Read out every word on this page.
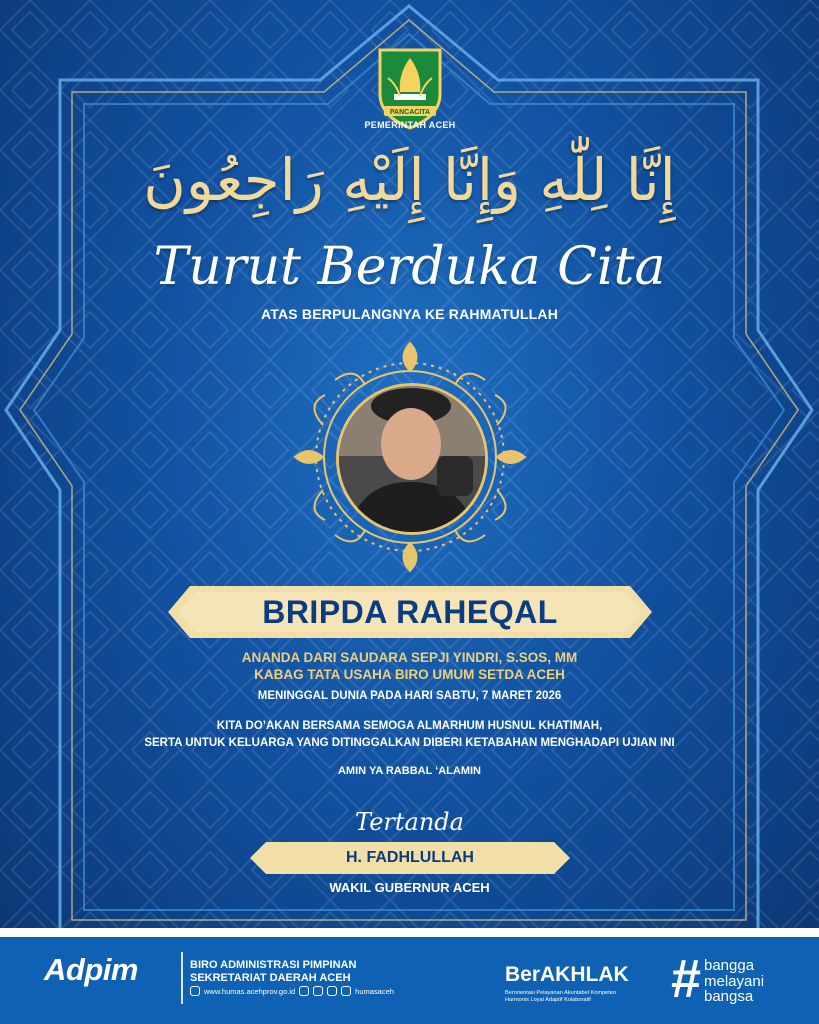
PANCACITA
PEMERINTAH ACEH
إِنَّا لِلّٰهِ وَإِنَّا إِلَيْهِ رَاجِعُونَ
Turut Berduka Cita
ATAS BERPULANGNYA KE RAHMATULLAH
BRIPDA RAHEQAL
ANANDA DARI SAUDARA SEPJI YINDRI, S.SOS, MM
KABAG TATA USAHA BIRO UMUM SETDA ACEH
MENINGGAL DUNIA PADA HARI SABTU, 7 MARET 2026
KITA DO’AKAN BERSAMA SEMOGA ALMARHUM HUSNUL KHATIMAH,
SERTA UNTUK KELUARGA YANG DITINGGALKAN DIBERI KETABAHAN MENGHADAPI UJIAN INI
AMIN YA RABBAL ‘ALAMIN
Tertanda
H. FADHLULLAH
WAKIL GUBERNUR ACEH
Adpim	BIRO ADMINISTRASI PIMPINAN
SEKRETARIAT DAERAH ACEH
www.humas.acehprov.go.id	humasaceh
BerAKHLAK
Berorientasi Pelayanan Akuntabel Kompeten
Harmonis Loyal Adaptif Kolaboratif	# bangga
melayani
bangsa
